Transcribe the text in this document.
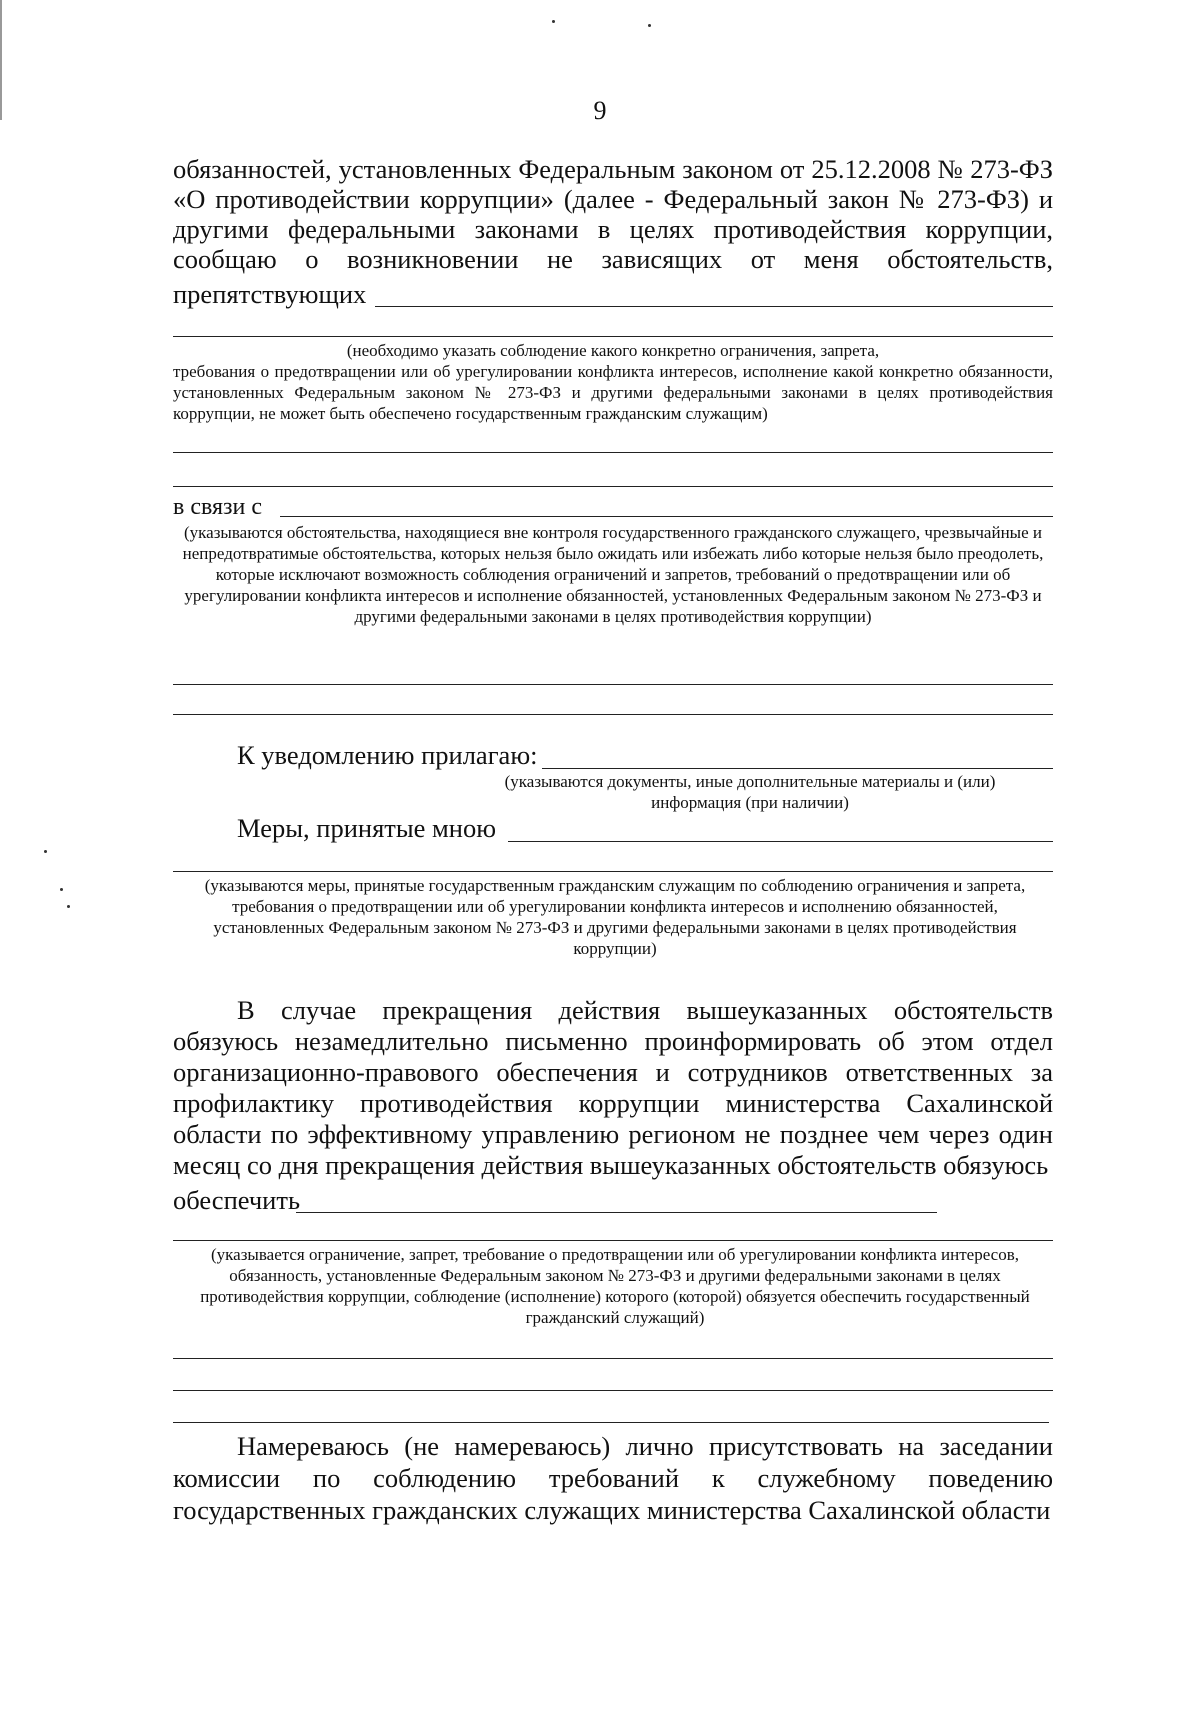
9
обязанностей, установленных Федеральным законом от 25.12.2008 № 273-ФЗ
«О противодействии коррупции» (далее - Федеральный закон № 273-ФЗ) и
другими федеральными законами в целях противодействия коррупции,
сообщаю о возникновении не зависящих от меня обстоятельств,
препятствующих
(необходимо указать соблюдение какого конкретно ограничения, запрета,
требования о предотвращении или об урегулировании конфликта интересов, исполнение какой конкретно обязанности, установленных Федеральным законом № 273-ФЗ и другими федеральными законами в целях противодействия коррупции, не может быть обеспечено государственным гражданским служащим)
в связи с
(указываются обстоятельства, находящиеся вне контроля государственного гражданского служащего, чрезвычайные и непредотвратимые обстоятельства, которых нельзя было ожидать или избежать либо которые нельзя было преодолеть, которые исключают возможность соблюдения ограничений и запретов, требований о предотвращении или об урегулировании конфликта интересов и исполнение обязанностей, установленных Федеральным законом № 273-ФЗ и другими федеральными законами в целях противодействия коррупции)
К уведомлению прилагаю:
(указываются документы, иные дополнительные материалы и (или) информация (при наличии)
Меры, принятые мною
(указываются меры, принятые государственным гражданским служащим по соблюдению ограничения и запрета, требования о предотвращении или об урегулировании конфликта интересов и исполнению обязанностей, установленных Федеральным законом № 273-ФЗ и другими федеральными законами в целях противодействия коррупции)
В случае прекращения действия вышеуказанных обстоятельств обязуюсь незамедлительно письменно проинформировать об этом отдел организационно-правового обеспечения и сотрудников ответственных за профилактику противодействия коррупции министерства Сахалинской области по эффективному управлению регионом не позднее чем через один месяц со дня прекращения действия вышеуказанных обстоятельств обязуюсь
обеспечить
(указывается ограничение, запрет, требование о предотвращении или об урегулировании конфликта интересов, обязанность, установленные Федеральным законом № 273-ФЗ и другими федеральными законами в целях противодействия коррупции, соблюдение (исполнение) которого (которой) обязуется обеспечить государственный гражданский служащий)
Намереваюсь (не намереваюсь) лично присутствовать на заседании комиссии по соблюдению требований к служебному поведению государственных гражданских служащих министерства Сахалинской области
